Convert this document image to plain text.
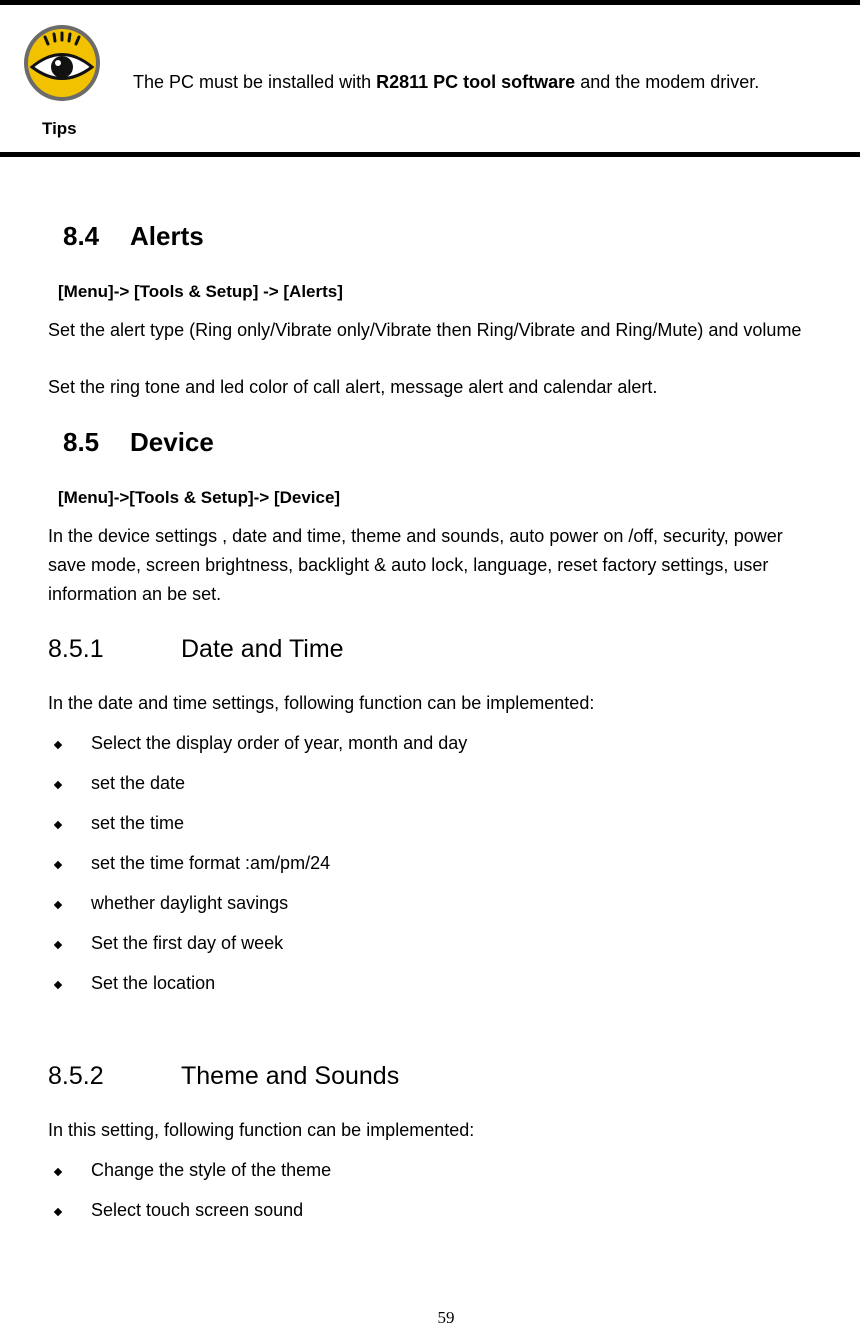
Tips
The PC must be installed with R2811 PC tool software and the modem driver.
8.4 Alerts
[Menu]-> [Tools & Setup] -> [Alerts]
Set the alert type (Ring only/Vibrate only/Vibrate then Ring/Vibrate and Ring/Mute) and volume
Set the ring tone and led color of call alert, message alert and calendar alert.
8.5 Device
[Menu]->[Tools & Setup]-> [Device]
In the device settings , date and time, theme and sounds, auto power on /off, security, power save mode, screen brightness, backlight & auto lock, language, reset factory settings, user information an be set.
8.5.1	Date and Time
In the date and time settings, following function can be implemented:
Select the display order of year, month and day
set the date
set the time
set the time format :am/pm/24
whether daylight savings
Set the first day of week
Set the location
8.5.2	Theme and Sounds
In this setting, following function can be implemented:
Change the style of the theme
Select touch screen sound
59
